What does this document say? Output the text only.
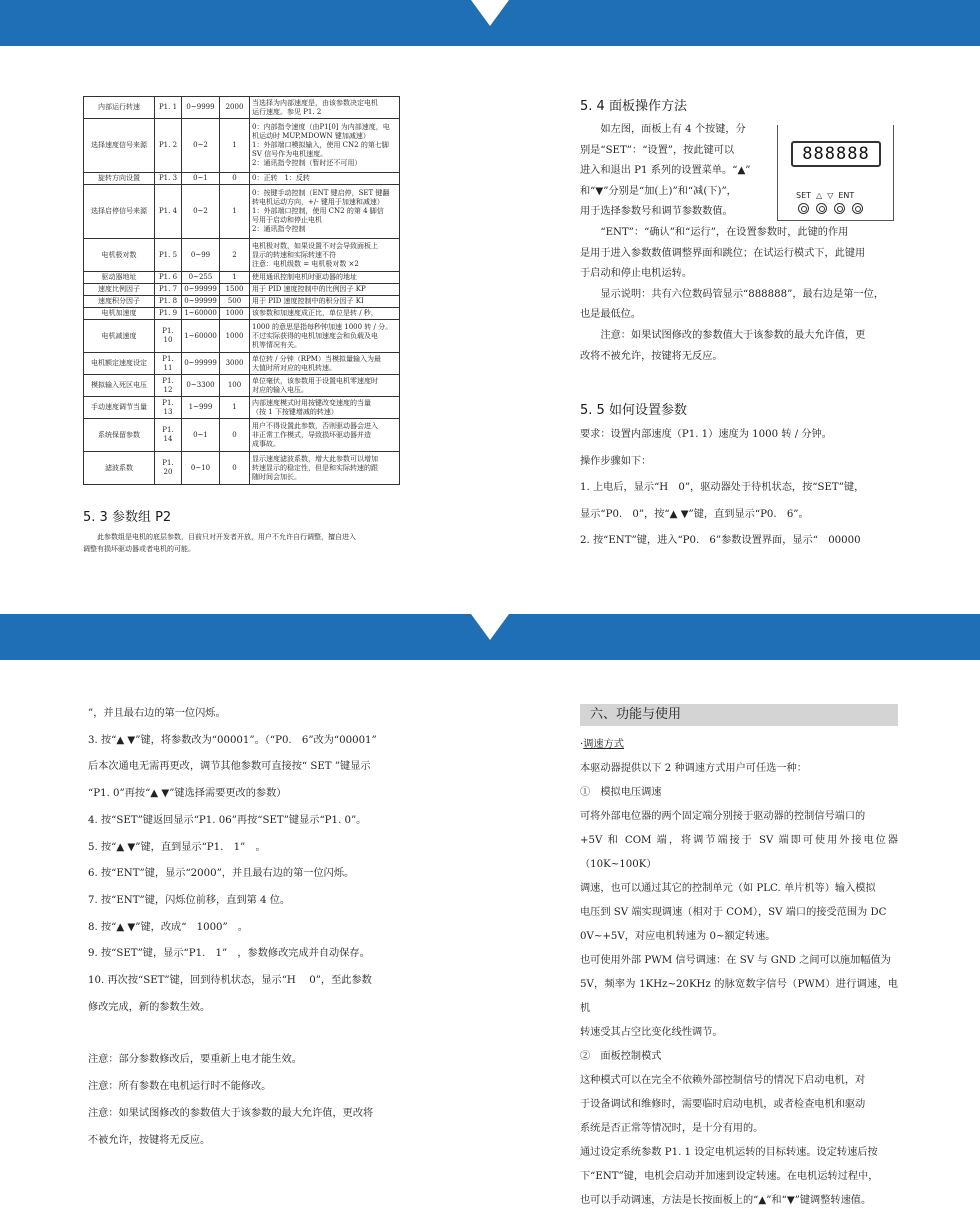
内部运行转速	P1. 1	0~9999	2000	当选择为内部速度是，由该参数决定电机
运行速度。参见 P1. 2

选择速度信号来源	P1. 2	0~2	1	0：内部指令速度（由P1[0] 为内部速度，电
机运动时 MUP,MDOWN 键加减速）
1：外部端口模拟输入，使用 CN2 的第七脚
SV 信号作为电机速度。
2：通讯指令控制（暂时还不可用）

旋转方向设置	P1. 3	0~1	0	0：正转　1：反转

选择启停信号来源	P1. 4	0~2	1	0：按键手动控制（ENT 键启停，SET 键翻
转电机运动方向，+/- 键用于加速和减速）
1：外部端口控制，使用 CN2 的第 4 脚信
号用于启动和停止电机
2：通讯指令控制

电机极对数	P1. 5	0~99	2	电机极对数，如果设置不对会导致面板上
显示的转速和实际转速不符
注意：电机级数 = 电机极对数 ×2

驱动器地址	P1. 6	0~255	1	使用通讯控制电机时驱动器的地址

速度比例因子	P1. 7	0~99999	1500	用于 PID 速度控制中的比例因子 KP

速度积分因子	P1. 8	0~99999	500	用于 PID 速度控制中的积分因子 KI

电机加速度	P1. 9	1~60000	1000	该参数和加速度成正比，单位是转 / 秒，

电机减速度	P1. 10	1~60000	1000	1000 的意思是指每秒钟加速 1000 转 / 分。
不过实际获得的电机加速度会和负载及电
机等情况有关。

电机额定速度设定	P1. 11	0~99999	3000	单位转 / 分钟（RPM）当模拟量输入为最
大值时所对应的电机转速。

模拟输入死区电压	P1. 12	0~3300	100	单位毫伏，该参数用于设置电机零速度时
对应的输入电压。

手动速度调节当量	P1. 13	1~999	1	内部速度模式时用按键改变速度的当量
（按 1 下按键增减的转速）

系统保留参数	P1. 14	0~1	0	用户不得设置此参数，否则驱动器会进入
非正常工作模式，导致损坏驱动器并造
成事故。

滤波系数	P1. 20	0~10	0	显示速度滤波系数，增大此参数可以增加
转速显示的稳定性，但是和实际转速的跟
随时间会加长。
5. 3 参数组 P2

此参数组是电机的底层参数，目前只对开发者开放，用户不允许自行调整，擅自进入

调整有损坏驱动器或者电机的可能。

5. 4 面板操作方法

如左图，面板上有 4 个按键，分

别是“SET”：“设置”，按此键可以

进入和退出 P1 系列的设置菜单。“▲”

和“▼”分别是“加(上)”和“减(下)”，

用于选择参数号和调节参数数值。

“ENT”：“确认”和“运行”，在设置参数时，此键的作用

是用于进入参数数值调整界面和跳位；在试运行模式下，此键用

于启动和停止电机运转。

显示说明：共有六位数码管显示“888888”，最右边是第一位，

也是最低位。

注意：如果试图修改的参数值大于该参数的最大允许值，更

改将不被允许，按键将无反应。

888888
SET △ ▽ ENT
5. 5 如何设置参数

要求：设置内部速度（P1. 1）速度为 1000 转 / 分钟。

操作步骤如下：

1. 上电后，显示“H　0”，驱动器处于待机状态，按“SET”键，

显示“P0.　0”，按“▲ ▼”键，直到显示“P0.　6”。

2. 按“ENT”键，进入“P0.　6”参数设置界面，显示“　00000

”，并且最右边的第一位闪烁。

3. 按“▲ ▼”键，将参数改为“00001”。（“P0.　6”改为“00001”

后本次通电无需再更改，调节其他参数可直接按“ SET ”键显示

“P1. 0”再按“▲ ▼”键选择需要更改的参数）

4. 按“SET”键返回显示“P1. 06”再按“SET”键显示“P1. 0”。

5. 按“▲ ▼”键，直到显示“P1.　1”　。

6. 按“ENT”键，显示“2000”，并且最右边的第一位闪烁。

7. 按“ENT”键，闪烁位前移，直到第 4 位。

8. 按“▲ ▼”键，改成“　1000”　。

9. 按“SET”键，显示“P1.　1”　，参数修改完成并自动保存。

10. 再次按“SET”键，回到待机状态，显示“H　 0”，至此参数

修改完成，新的参数生效。

注意：部分参数修改后，要重新上电才能生效。

注意：所有参数在电机运行时不能修改。

注意：如果试图修改的参数值大于该参数的最大允许值，更改将

不被允许，按键将无反应。

六、功能与使用

·调速方式

本驱动器提供以下 2 种调速方式用户可任选一种：

①　模拟电压调速

可将外部电位器的两个固定端分别接于驱动器的控制信号端口的

+5V 和 COM 端，将调节端接于 SV 端即可使用外接电位器（10K~100K）

调速，也可以通过其它的控制单元（如 PLC. 单片机等）输入模拟

电压到 SV 端实现调速（相对于 COM），SV 端口的接受范围为 DC

0V~+5V，对应电机转速为 0~额定转速。

也可使用外部 PWM 信号调速：在 SV 与 GND 之间可以施加幅值为

5V，频率为 1KHz~20KHz 的脉宽数字信号（PWM）进行调速，电机

转速受其占空比变化线性调节。

②　面板控制模式

这种模式可以在完全不依赖外部控制信号的情况下启动电机，对

于设备调试和维修时，需要临时启动电机，或者检查电机和驱动

系统是否正常等情况时，是十分有用的。

通过设定系统参数 P1. 1 设定电机运转的目标转速。设定转速后按

下“ENT”键，电机会启动并加速到设定转速。在电机运转过程中，

也可以手动调速，方法是长按面板上的“▲”和“▼”键调整转速值。
